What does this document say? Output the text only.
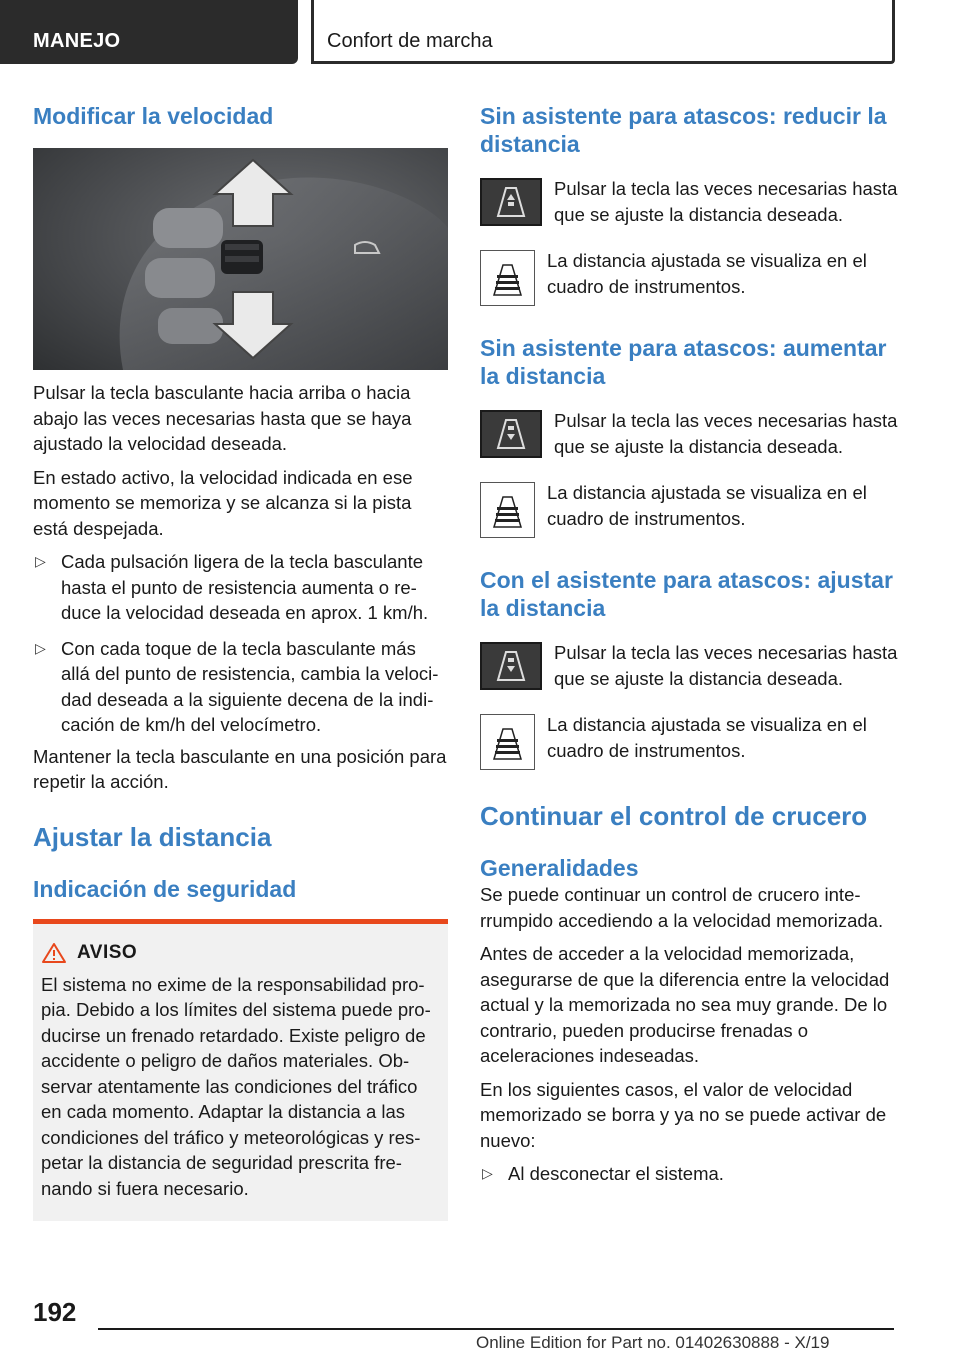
MANEJO	Confort de marcha
Modificar la velocidad

Pulsar la tecla basculante hacia arriba o hacia abajo las veces necesarias hasta que se haya ajustado la velocidad deseada.

En estado activo, la velocidad indicada en ese momento se memoriza y se alcanza si la pista está despejada.

▷ Cada pulsación ligera de la tecla basculante hasta el punto de resistencia aumenta o reduce la velocidad deseada en aprox. 1 km/h.
▷ Con cada toque de la tecla basculante más allá del punto de resistencia, cambia la velocidad deseada a la siguiente decena de la indicación de km/h del velocímetro.

Mantener la tecla basculante en una posición para repetir la acción.

Ajustar la distancia
Indicación de seguridad
AVISO

El sistema no exime de la responsabilidad propia. Debido a los límites del sistema puede producirse un frenado retardado. Existe peligro de accidente o peligro de daños materiales. Observar atentamente las condiciones del tráfico en cada momento. Adaptar la distancia a las condiciones del tráfico y meteorológicas y respetar la distancia de seguridad prescrita frenando si fuera necesario.

Sin asistente para atascos: reducir la distancia

Pulsar la tecla las veces necesarias hasta que se ajuste la distancia deseada.

La distancia ajustada se visualiza en el cuadro de instrumentos.

Sin asistente para atascos: aumentar la distancia

Pulsar la tecla las veces necesarias hasta que se ajuste la distancia deseada.

La distancia ajustada se visualiza en el cuadro de instrumentos.

Con el asistente para atascos: ajustar la distancia

Pulsar la tecla las veces necesarias hasta que se ajuste la distancia deseada.

La distancia ajustada se visualiza en el cuadro de instrumentos.

Continuar el control de crucero
Generalidades

Se puede continuar un control de crucero interrumpido accediendo a la velocidad memorizada.

Antes de acceder a la velocidad memorizada, asegurarse de que la diferencia entre la velocidad actual y la memorizada no sea muy grande. De lo contrario, pueden producirse frenadas o aceleraciones indeseadas.

En los siguientes casos, el valor de velocidad memorizado se borra y ya no se puede activar de nuevo:

▷ Al desconectar el sistema.
192
Online Edition for Part no. 01402630888 - X/19
